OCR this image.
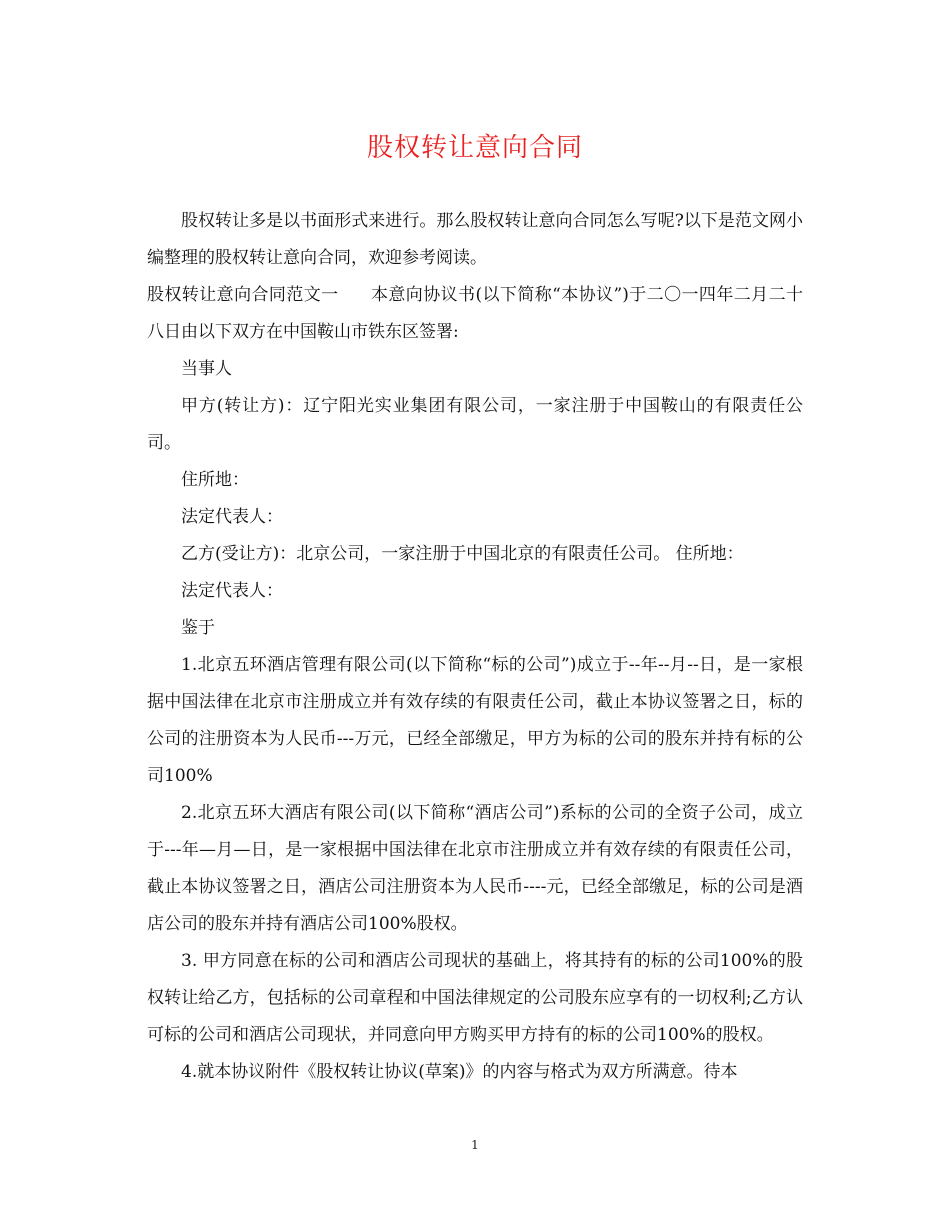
股权转让意向合同

股权转让多是以书面形式来进行。那么股权转让意向合同怎么写呢?以下是范文网小编整理的股权转让意向合同，欢迎参考阅读。

股权转让意向合同范文一 本意向协议书(以下简称“本协议”)于二〇一四年二月二十八日由以下双方在中国鞍山市铁东区签署:

当事人

甲方(转让方)：辽宁阳光实业集团有限公司，一家注册于中国鞍山的有限责任公司。

住所地：

法定代表人：

乙方(受让方)：北京公司，一家注册于中国北京的有限责任公司。 住所地：

法定代表人：

鉴于

1.北京五环酒店管理有限公司(以下简称“标的公司”)成立于--年--月--日，是一家根据中国法律在北京市注册成立并有效存续的有限责任公司，截止本协议签署之日，标的公司的注册资本为人民币---万元，已经全部缴足，甲方为标的公司的股东并持有标的公司100%

2.北京五环大酒店有限公司(以下简称“酒店公司”)系标的公司的全资子公司，成立于---年—月—日，是一家根据中国法律在北京市注册成立并有效存续的有限责任公司，截止本协议签署之日，酒店公司注册资本为人民币----元，已经全部缴足，标的公司是酒店公司的股东并持有酒店公司100%股权。

3. 甲方同意在标的公司和酒店公司现状的基础上，将其持有的标的公司100%的股权转让给乙方，包括标的公司章程和中国法律规定的公司股东应享有的一切权利;乙方认可标的公司和酒店公司现状，并同意向甲方购买甲方持有的标的公司100%的股权。

4.就本协议附件《股权转让协议(草案)》的内容与格式为双方所满意。待本

1
